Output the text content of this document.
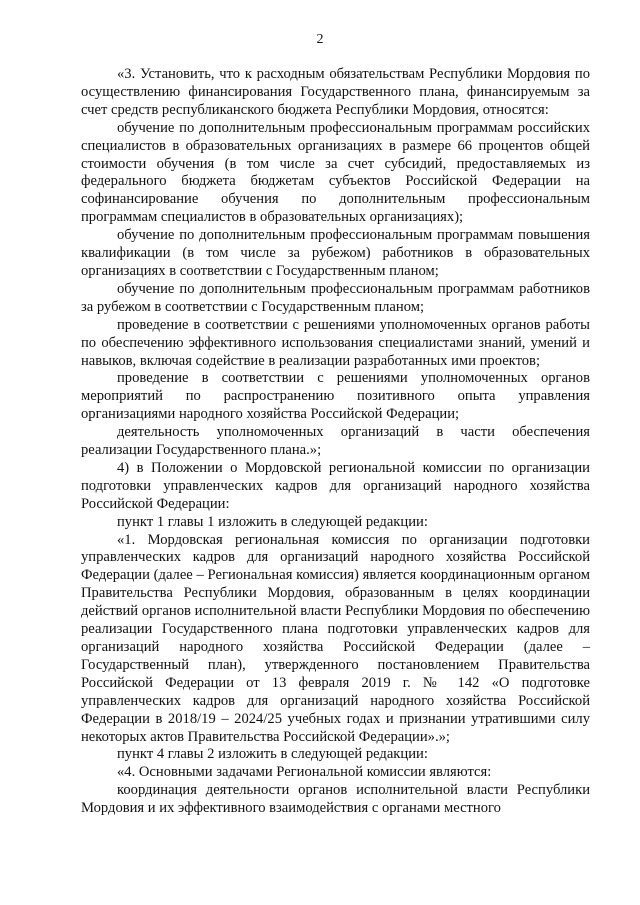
2

«3. Установить, что к расходным обязательствам Республики Мордовия по осуществлению финансирования Государственного плана, финансируемым за счет средств республиканского бюджета Республики Мордовия, относятся:

обучение по дополнительным профессиональным программам российских специалистов в образовательных организациях в размере 66 процентов общей стоимости обучения (в том числе за счет субсидий, предоставляемых из федерального бюджета бюджетам субъектов Российской Федерации на софинансирование обучения по дополнительным профессиональным программам специалистов в образовательных организациях);

обучение по дополнительным профессиональным программам повышения квалификации (в том числе за рубежом) работников в образовательных организациях в соответствии с Государственным планом;

обучение по дополнительным профессиональным программам работников за рубежом в соответствии с Государственным планом;

проведение в соответствии с решениями уполномоченных органов работы по обеспечению эффективного использования специалистами знаний, умений и навыков, включая содействие в реализации разработанных ими проектов;

проведение в соответствии с решениями уполномоченных органов мероприятий по распространению позитивного опыта управления организациями народного хозяйства Российской Федерации;

деятельность уполномоченных организаций в части обеспечения реализации Государственного плана.»;

4) в Положении о Мордовской региональной комиссии по организации подготовки управленческих кадров для организаций народного хозяйства Российской Федерации:

пункт 1 главы 1 изложить в следующей редакции:

«1. Мордовская региональная комиссия по организации подготовки управленческих кадров для организаций народного хозяйства Российской Федерации (далее – Региональная комиссия) является координационным органом Правительства Республики Мордовия, образованным в целях координации действий органов исполнительной власти Республики Мордовия по обеспечению реализации Государственного плана подготовки управленческих кадров для организаций народного хозяйства Российской Федерации (далее – Государственный план), утвержденного постановлением Правительства Российской Федерации от 13 февраля 2019 г. № 142 «О подготовке управленческих кадров для организаций народного хозяйства Российской Федерации в 2018/19 – 2024/25 учебных годах и признании утратившими силу некоторых актов Правительства Российской Федерации».»;

пункт 4 главы 2 изложить в следующей редакции:

«4. Основными задачами Региональной комиссии являются:

координация деятельности органов исполнительной власти Республики Мордовия и их эффективного взаимодействия с органами местного
